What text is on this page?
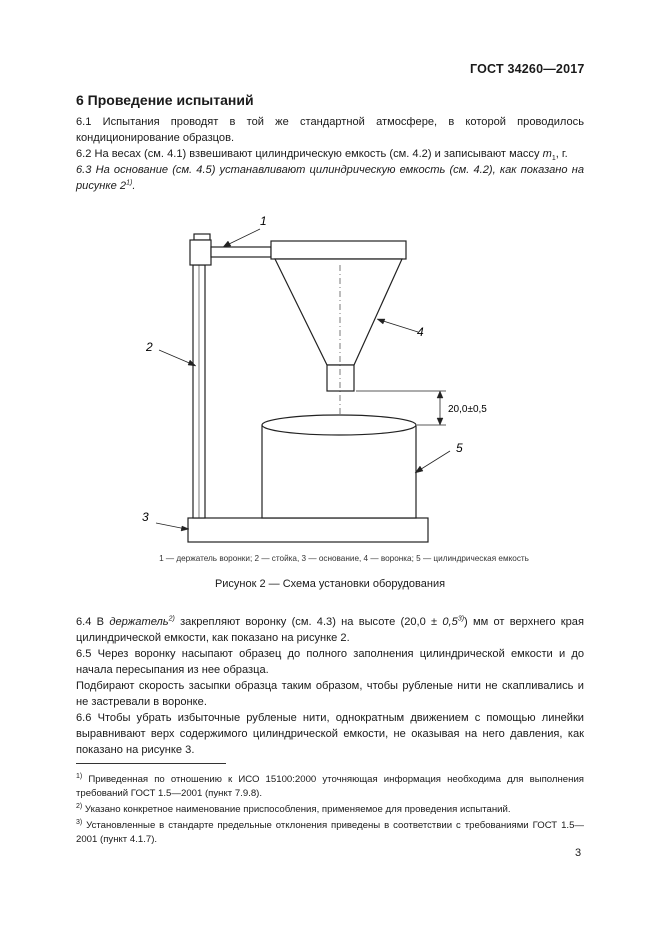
ГОСТ 34260—2017
6 Проведение испытаний
6.1 Испытания проводят в той же стандартной атмосфере, в которой проводилось кондиционирование образцов.
6.2 На весах (см. 4.1) взвешивают цилиндрическую емкость (см. 4.2) и записывают массу $m_1$, г.
6.3 На основание (см. 4.5) устанавливают цилиндрическую емкость (см. 4.2), как показано на рисунке 2$^{1)}$.
1
2
3
4
5
20,0±0,5
1 — держатель воронки; 2 — стойка, 3 — основание, 4 — воронка; 5 — цилиндрическая емкость
Рисунок 2 — Схема установки оборудования
6.4 В держатель$^{2)}$ закрепляют воронку (см. 4.3) на высоте $(20,0 \pm 0,5^{3)})$ мм от верхнего края цилиндрической емкости, как показано на рисунке 2.
6.5 Через воронку насыпают образец до полного заполнения цилиндрической емкости и до начала пересыпания из нее образца.
Подбирают скорость засыпки образца таким образом, чтобы рубленые нити не скапливались и не застревали в воронке.
6.6 Чтобы убрать избыточные рубленые нити, однократным движением с помощью линейки выравнивают верх содержимого цилиндрической емкости, не оказывая на него давления, как показано на рисунке 3.
$^{1)}$ Приведенная по отношению к ИСО 15100:2000 уточняющая информация необходима для выполнения требований ГОСТ 1.5—2001 (пункт 7.9.8).
$^{2)}$ Указано конкретное наименование приспособления, применяемое для проведения испытаний.
$^{3)}$ Установленные в стандарте предельные отклонения приведены в соответствии с требованиями ГОСТ 1.5—2001 (пункт 4.1.7).
3
